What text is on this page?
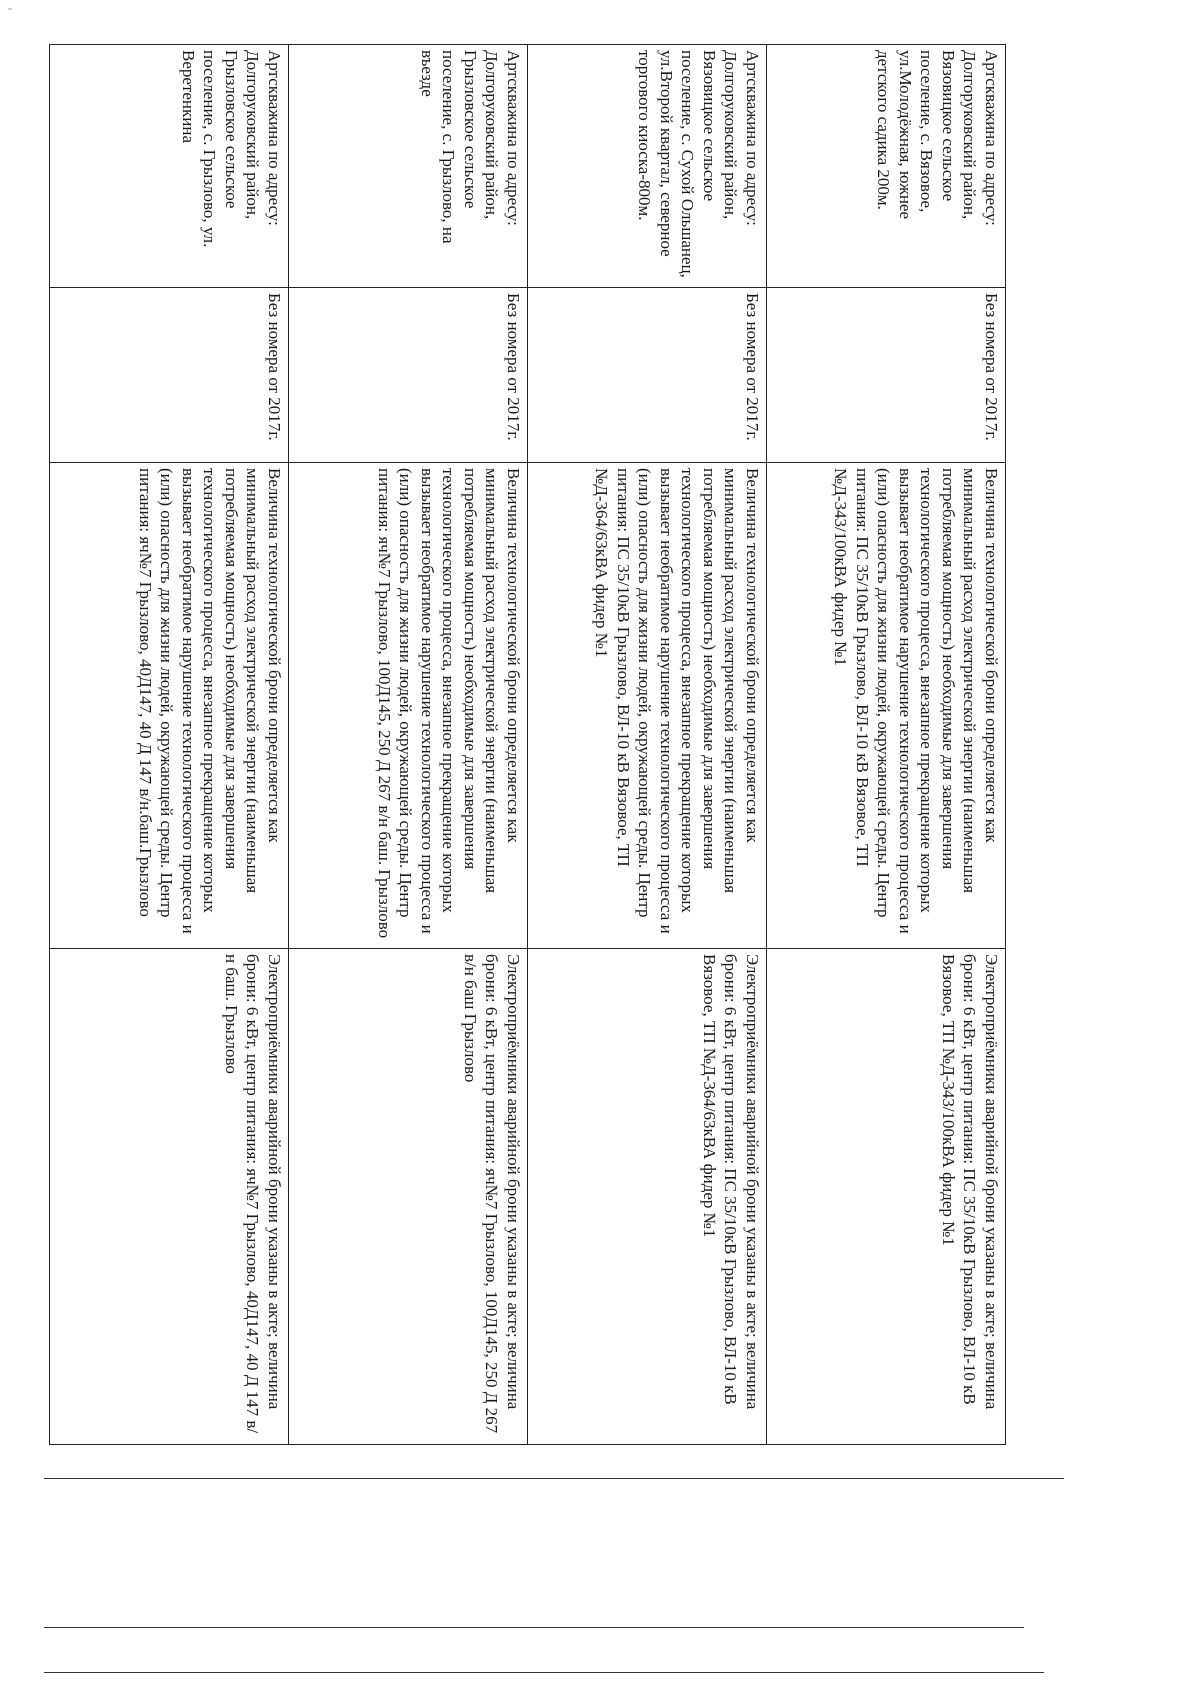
Артскважина по адресу: Долгоруковский район, Вязовицкое сельское поселение, с. Вязовое, ул.Молодёжная, южнее детского садика 200м.	Без номера от 2017г.	Величина технологической брони определяется как минимальный расход электрической энергии (наименьшая потребляемая мощность) необходимые для завершения технологического процесса, внезапное прекращение которых вызывает необратимое нарушение технологического процесса и (или) опасность для жизни людей, окружающей среды. Центр питания: ПС 35/10кВ Грызлово, ВЛ-10 кВ Вязовое, ТП №Д-343/100кВА фидер №1	Электроприёмники аварийной брони указаны в акте; величина брони: 6 кВт, центр питания: ПС 35/10кВ Грызлово, ВЛ-10 кВ Вязовое, ТП №Д-343/100кВА фидер №1
Артскважина по адресу: Долгоруковский район, Вязовицкое сельское поселение, с. Сухой Ольшанец, ул.Второй квартал, северное торгового киоска-800м.	Без номера от 2017г.	Величина технологической брони определяется как минимальный расход электрической энергии (наименьшая потребляемая мощность) необходимые для завершения технологического процесса, внезапное прекращение которых вызывает необратимое нарушение технологического процесса и (или) опасность для жизни людей, окружающей среды. Центр питания: ПС 35/10кВ Грызлово, ВЛ-10 кВ Вязовое, ТП №Д-364/63кВА фидер №1	Электроприёмники аварийной брони указаны в акте; величина брони: 6 кВт, центр питания: ПС 35/10кВ Грызлово, ВЛ-10 кВ Вязовое, ТП №Д-364/63кВА фидер №1
Артскважина по адресу: Долгоруковский район, Грызловское сельское поселение, с. Грызлово, на въезде	Без номера от 2017г.	Величина технологической брони определяется как минимальный расход электрической энергии (наименьшая потребляемая мощность) необходимые для завершения технологического процесса, внезапное прекращение которых вызывает необратимое нарушение технологического процесса и (или) опасность для жизни людей, окружающей среды. Центр питания: яч№7 Грызлово, 100Д145, 250 Д 267 в/н баш. Грызлово	Электроприёмники аварийной брони указаны в акте; величина брони: 6 кВт, центр питания: яч№7 Грызлово, 100Д145, 250 Д 267 в/н баш Грызлово
Артскважина по адресу: Долгоруковский район, Грызловское сельское поселение, с. Грызлово, ул. Веретенкина	Без номера от 2017г.	Величина технологической брони определяется как минимальный расход электрической энергии (наименьшая потребляемая мощность) необходимые для завершения технологического процесса, внезапное прекращение которых вызывает необратимое нарушение технологического процесса и (или) опасность для жизни людей, окружающей среды. Центр питания: яч№7 Грызлово, 40Д147, 40 Д 147 в/н.баш.Грызлово	Электроприёмники аварийной брони указаны в акте; величина брони: 6 кВт, центр питания: яч№7 Грызлово, 40Д147, 40 Д 147 в/н баш. Грызлово
